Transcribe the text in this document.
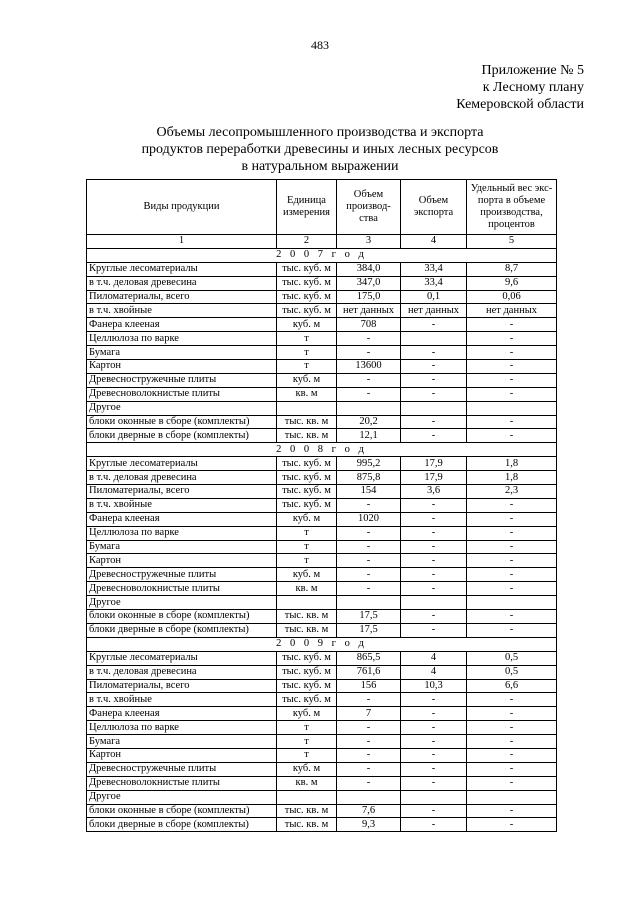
483
Приложение № 5
к Лесному плану
Кемеровской области
Объемы лесопромышленного производства и экспорта
продуктов переработки древесины и иных лесных ресурсов
в натуральном выражении
Виды продукции	Единица измерения	Объем производ-ства	Объем экспорта	Удельный вес экс-порта в объеме производства, процентов
1	2	3	4	5
2 0 0 7 г о д				
Круглые лесоматериалы	тыс. куб. м	384,0	33,4	8,7
в т.ч. деловая древесина	тыс. куб. м	347,0	33,4	9,6
Пиломатериалы, всего	тыс. куб. м	175,0	0,1	0,06
в т.ч. хвойные	тыс. куб. м	нет данных	нет данных	нет данных
Фанера клееная	куб. м	708	-	-
Целлюлоза по варке	т	-		-
Бумага	т	-	-	-
Картон	т	13600	-	-
Древесностружечные плиты	куб. м	-	-	-
Древесноволокнистые плиты	кв. м	-	-	-
Другое				
блоки оконные в сборе (комплекты)	тыс. кв. м	20,2	-	-
блоки дверные в сборе (комплекты)	тыс. кв. м	12,1	-	-
2 0 0 8 г о д				
Круглые лесоматериалы	тыс. куб. м	995,2	17,9	1,8
в т.ч. деловая древесина	тыс. куб. м	875,8	17,9	1,8
Пиломатериалы, всего	тыс. куб. м	154	3,6	2,3
в т.ч. хвойные	тыс. куб. м	-	-	-
Фанера клееная	куб. м	1020	-	-
Целлюлоза по варке	т	-	-	-
Бумага	т	-	-	-
Картон	т	-	-	-
Древесностружечные плиты	куб. м	-	-	-
Древесноволокнистые плиты	кв. м	-	-	-
Другое				
блоки оконные в сборе (комплекты)	тыс. кв. м	17,5	-	-
блоки дверные в сборе (комплекты)	тыс. кв. м	17,5	-	-
2 0 0 9 г о д				
Круглые лесоматериалы	тыс. куб. м	865,5	4	0,5
в т.ч. деловая древесина	тыс. куб. м	761,6	4	0,5
Пиломатериалы, всего	тыс. куб. м	156	10,3	6,6
в т.ч. хвойные	тыс. куб. м	-	-	-
Фанера клееная	куб. м	7	-	-
Целлюлоза по варке	т	-	-	-
Бумага	т	-	-	-
Картон	т	-	-	-
Древесностружечные плиты	куб. м	-	-	-
Древесноволокнистые плиты	кв. м	-	-	-
Другое				
блоки оконные в сборе (комплекты)	тыс. кв. м	7,6	-	-
блоки дверные в сборе (комплекты)	тыс. кв. м	9,3	-	-
